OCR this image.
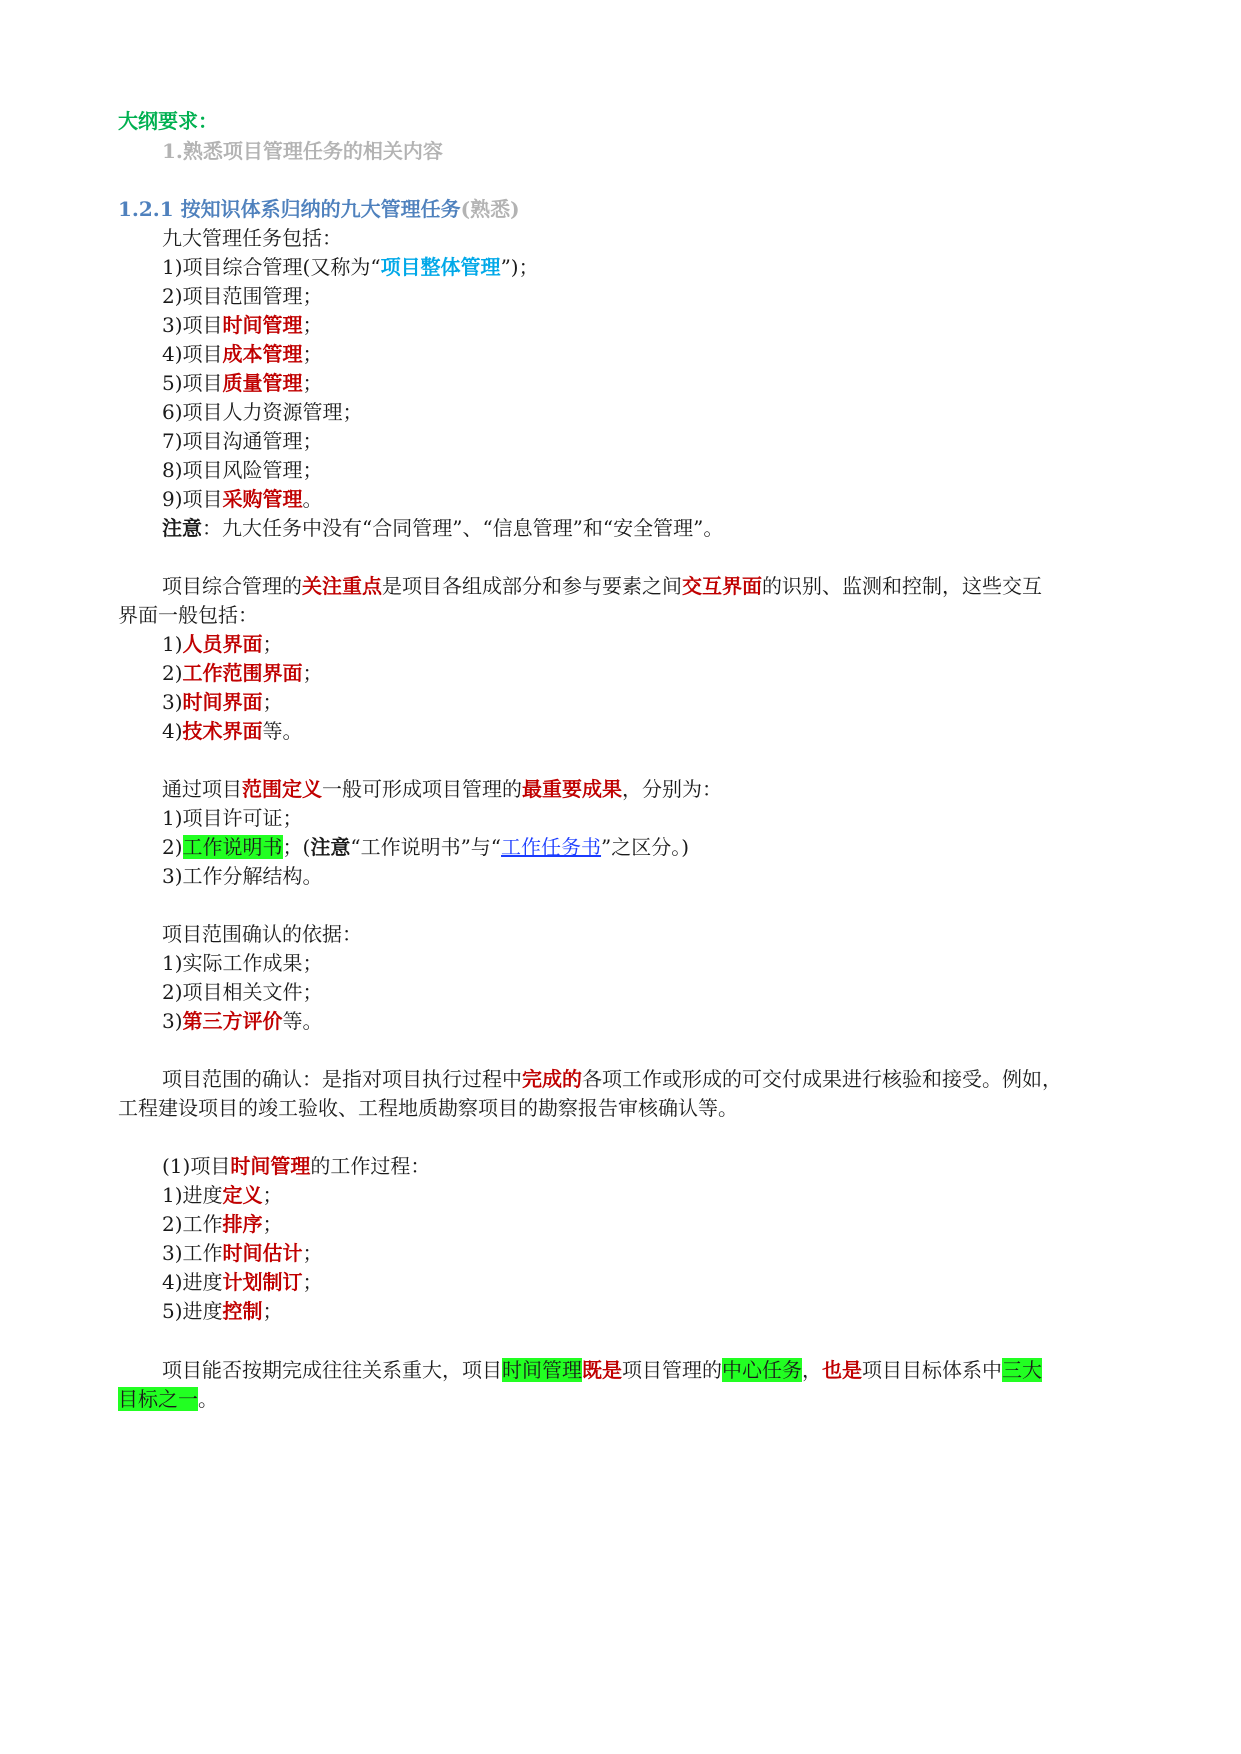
大纲要求：
1.熟悉项目管理任务的相关内容
1.2.1 按知识体系归纳的九大管理任务(熟悉)
九大管理任务包括：
1)项目综合管理(又称为“项目整体管理”)；
2)项目范围管理；
3)项目时间管理；
4)项目成本管理；
5)项目质量管理；
6)项目人力资源管理；
7)项目沟通管理；
8)项目风险管理；
9)项目采购管理。
注意：九大任务中没有“合同管理”、“信息管理”和“安全管理”。
项目综合管理的关注重点是项目各组成部分和参与要素之间交互界面的识别、监测和控制，这些交互
界面一般包括：
1)人员界面；
2)工作范围界面；
3)时间界面；
4)技术界面等。
通过项目范围定义一般可形成项目管理的最重要成果，分别为：
1)项目许可证；
2)工作说明书；(注意“工作说明书”与“工作任务书”之区分。)
3)工作分解结构。
项目范围确认的依据：
1)实际工作成果；
2)项目相关文件；
3)第三方评价等。
项目范围的确认：是指对项目执行过程中完成的各项工作或形成的可交付成果进行核验和接受。例如，
工程建设项目的竣工验收、工程地质勘察项目的勘察报告审核确认等。
(1)项目时间管理的工作过程：
1)进度定义；
2)工作排序；
3)工作时间估计；
4)进度计划制订；
5)进度控制；
项目能否按期完成往往关系重大，项目时间管理既是项目管理的中心任务，也是项目目标体系中三大
目标之一。
